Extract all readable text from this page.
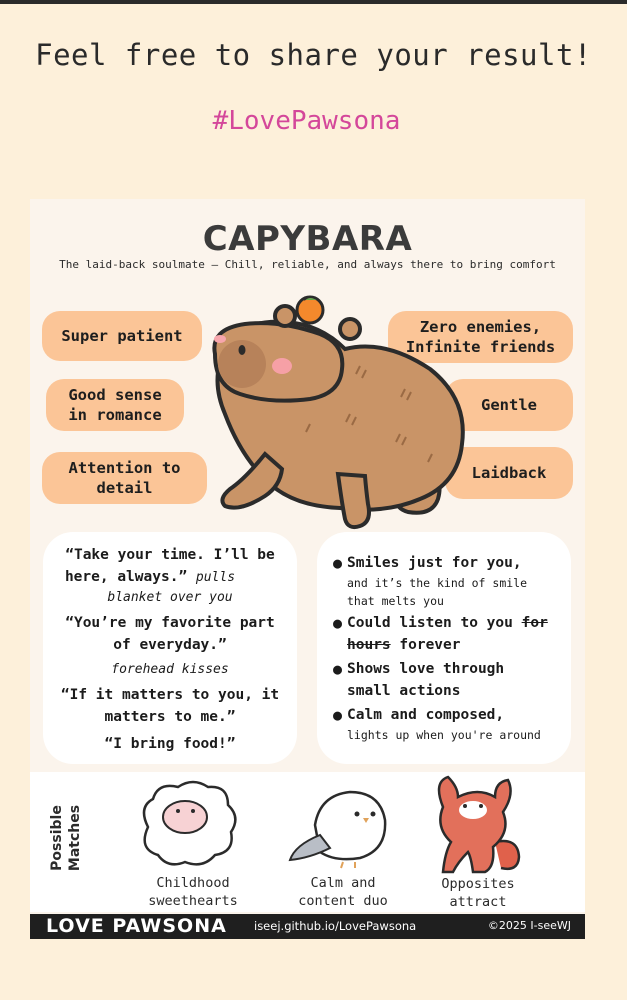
Feel free to share your result!
#LovePawsona
CAPYBARA
The laid-back soulmate – Chill, reliable, and always there to bring comfort
Super patient
Good sense
in romance
Attention to
detail
Zero enemies,
Infinite friends
Gentle
Laidback
“Take your time. I’ll be
here, always.” pulls
blanket over you
“You’re my favorite part
of everyday.”
forehead kisses
“If it matters to you, it
matters to me.”
“I bring food!”
● Smiles just for you,
and it’s the kind of smile
that melts you
● Could listen to you for
hours forever
● Shows love through
small actions
● Calm and composed,
lights up when you're around
Possible Matches
Childhood
sweethearts
Calm and
content duo
Opposites
attract
LOVE PAWSONA iseej.github.io/LovePawsona	©2025 I-seeWJ
